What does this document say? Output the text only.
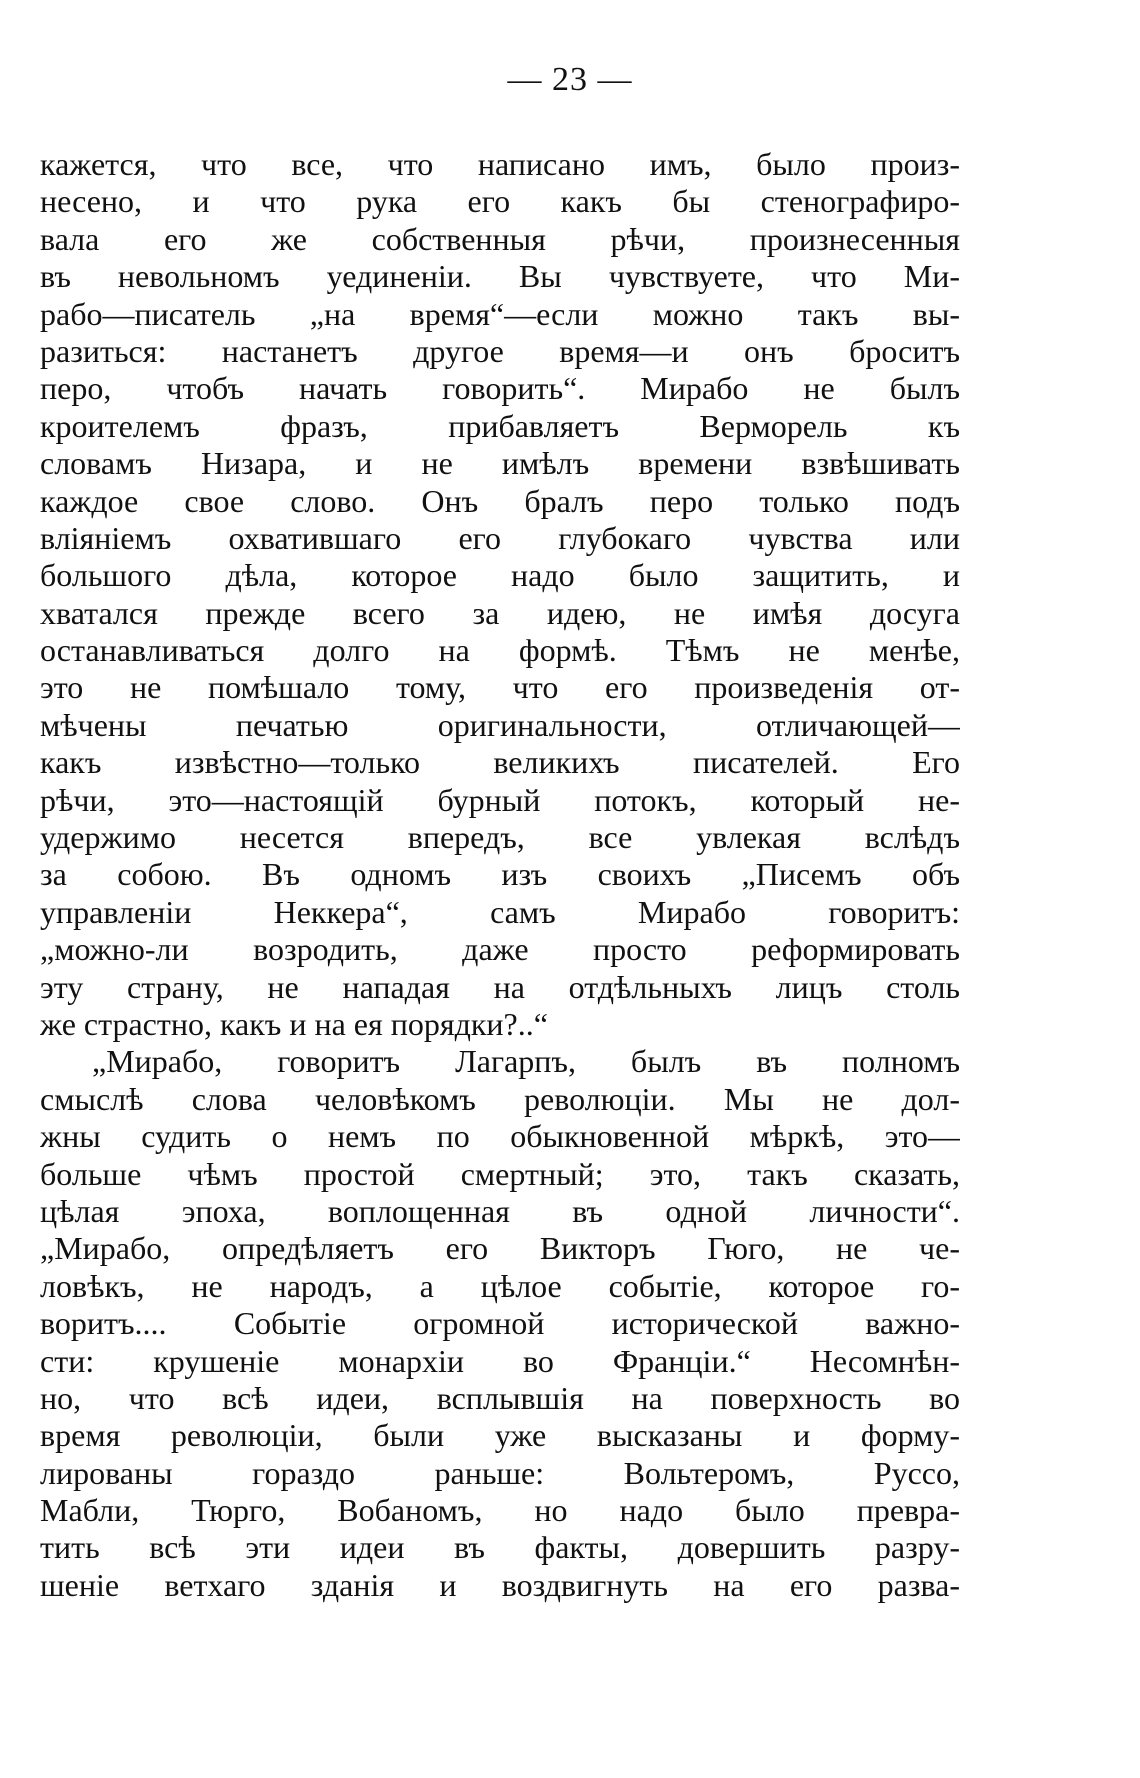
— 23 —
кажется, что все, что написано имъ, было произ-
несено, и что рука его какъ бы стенографиро-
вала его же собственныя рѣчи, произнесенныя
въ невольномъ уединеніи. Вы чувствуете, что Ми-
рабо—писатель „на время“—если можно такъ вы-
разиться: настанетъ другое время—и онъ броситъ
перо, чтобъ начать говорить“. Мирабо не былъ
кроителемъ фразъ, прибавляетъ Верморель къ
словамъ Низара, и не имѣлъ времени взвѣшивать
каждое свое слово. Онъ бралъ перо только подъ
вліяніемъ охватившаго его глубокаго чувства или
большого дѣла, которое надо было защитить, и
хватался прежде всего за идею, не имѣя досуга
останавливаться долго на формѣ. Тѣмъ не менѣе,
это не помѣшало тому, что его произведенія от-
мѣчены печатью оригинальности, отличающей—
какъ извѣстно—только великихъ писателей. Его
рѣчи, это—настоящій бурный потокъ, который не-
удержимо несется впередъ, все увлекая вслѣдъ
за собою. Въ одномъ изъ своихъ „Писемъ объ
управленіи Неккера“, самъ Мирабо говоритъ:
„можно-ли возродить, даже просто реформировать
эту страну, не нападая на отдѣльныхъ лицъ столь
же страстно, какъ и на ея порядки?..“
„Мирабо, говоритъ Лагарпъ, былъ въ полномъ
смыслѣ слова человѣкомъ революціи. Мы не дол-
жны судить о немъ по обыкновенной мѣркѣ, это—
больше чѣмъ простой смертный; это, такъ сказать,
цѣлая эпоха, воплощенная въ одной личности“.
„Мирабо, опредѣляетъ его Викторъ Гюго, не че-
ловѣкъ, не народъ, а цѣлое событіе, которое го-
воритъ.... Событіе огромной исторической важно-
сти: крушеніе монархіи во Франціи.“ Несомнѣн-
но, что всѣ идеи, всплывшія на поверхность во
время революціи, были уже высказаны и форму-
лированы гораздо раньше: Вольтеромъ, Руссо,
Мабли, Тюрго, Вобаномъ, но надо было превра-
тить всѣ эти идеи въ факты, довершить разру-
шеніе ветхаго зданія и воздвигнуть на его разва-
